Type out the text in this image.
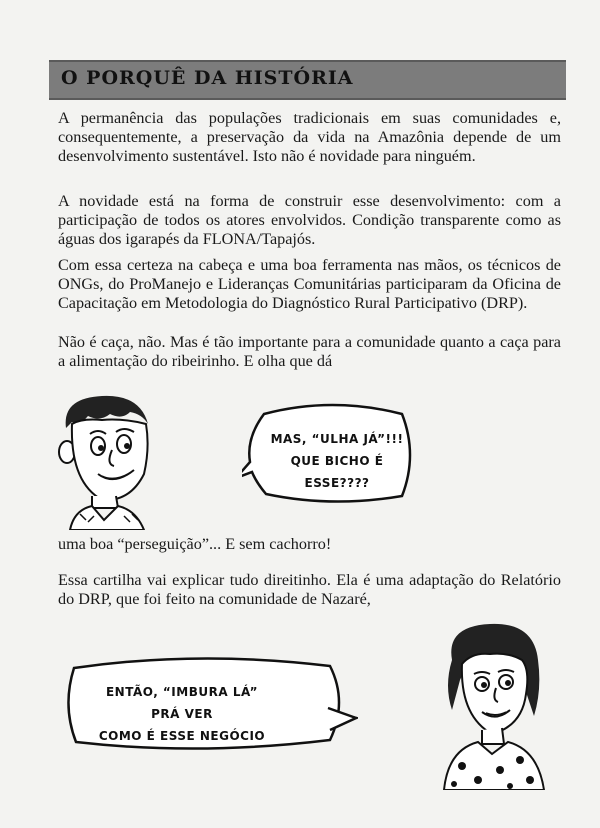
O PORQUÊ DA HISTÓRIA

A permanência das populações tradicionais em suas comunidades e, consequentemente, a preservação da vida na Amazônia depende de um desenvolvimento sustentável. Isto não é novidade para ninguém.

A novidade está na forma de construir esse desenvolvimento: com a participação de todos os atores envolvidos. Condição transparente como as águas dos igarapés da FLONA/Tapajós.

Com essa certeza na cabeça e uma boa ferramenta nas mãos, os técnicos de ONGs, do ProManejo e Lideranças Comunitárias participaram da Oficina de Capacitação em Metodologia do Diagnóstico Rural Participativo (DRP).

Não é caça, não. Mas é tão importante para a comunidade quanto a caça para a alimentação do ribeirinho. E olha que dá

MAS, “ULHA JÁ”!!!
QUE BICHO É ESSE????

uma boa “perseguição”... E sem cachorro!

Essa cartilha vai explicar tudo direitinho. Ela é uma adaptação do Relatório do DRP, que foi feito na comunidade de Nazaré,

ENTÃO, “IMBURA LÁ” PRÁ VER
COMO É ESSE NEGÓCIO
